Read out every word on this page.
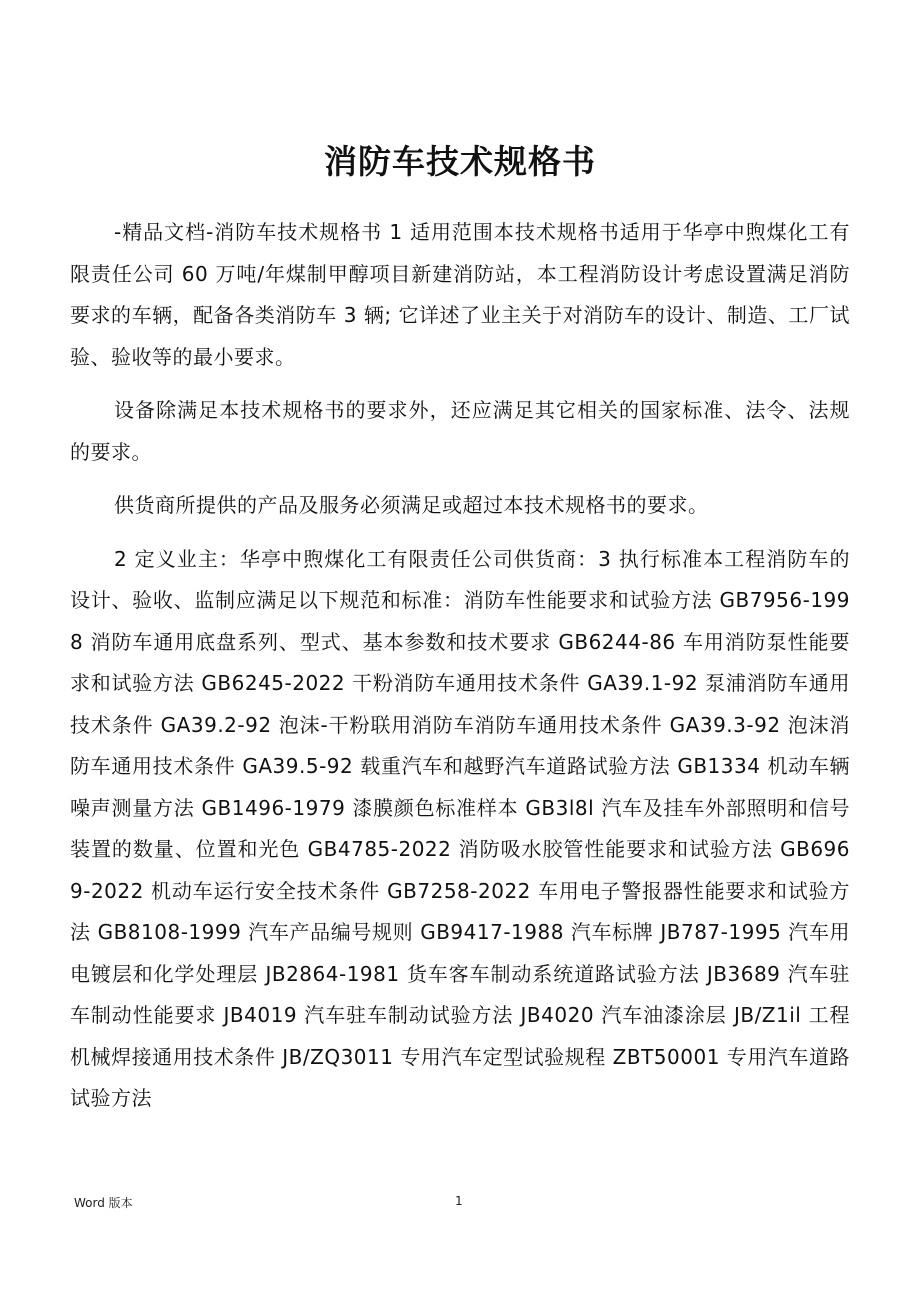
消防车技术规格书

-精品文档-消防车技术规格书 1 适用范围本技术规格书适用于华亭中煦煤化工有限责任公司 60 万吨/年煤制甲醇项目新建消防站，本工程消防设计考虑设置满足消防要求的车辆，配备各类消防车 3 辆; 它详述了业主关于对消防车的设计、制造、工厂试验、验收等的最小要求。

设备除满足本技术规格书的要求外，还应满足其它相关的国家标准、法令、法规的要求。

供货商所提供的产品及服务必须满足或超过本技术规格书的要求。

2 定义业主：华亭中煦煤化工有限责任公司供货商：3 执行标准本工程消防车的设计、验收、监制应满足以下规范和标准：消防车性能要求和试验方法 GB7956-1998 消防车通用底盘系列、型式、基本参数和技术要求 GB6244-86 车用消防泵性能要求和试验方法 GB6245-2022 干粉消防车通用技术条件 GA39.1-92 泵浦消防车通用技术条件 GA39.2-92 泡沫-干粉联用消防车消防车通用技术条件 GA39.3-92 泡沫消防车通用技术条件 GA39.5-92 载重汽车和越野汽车道路试验方法 GB1334 机动车辆噪声测量方法 GB1496-1979 漆膜颜色标准样本 GB3l8l 汽车及挂车外部照明和信号装置的数量、位置和光色 GB4785-2022 消防吸水胶管性能要求和试验方法 GB6969-2022 机动车运行安全技术条件 GB7258-2022 车用电子警报器性能要求和试验方法 GB8108-1999 汽车产品编号规则 GB9417-1988 汽车标牌 JB787-1995 汽车用电镀层和化学处理层 JB2864-1981 货车客车制动系统道路试验方法 JB3689 汽车驻车制动性能要求 JB4019 汽车驻车制动试验方法 JB4020 汽车油漆涂层 JB/Z1il 工程机械焊接通用技术条件 JB/ZQ3011 专用汽车定型试验规程 ZBT50001 专用汽车道路试验方法

Word 版本	1
